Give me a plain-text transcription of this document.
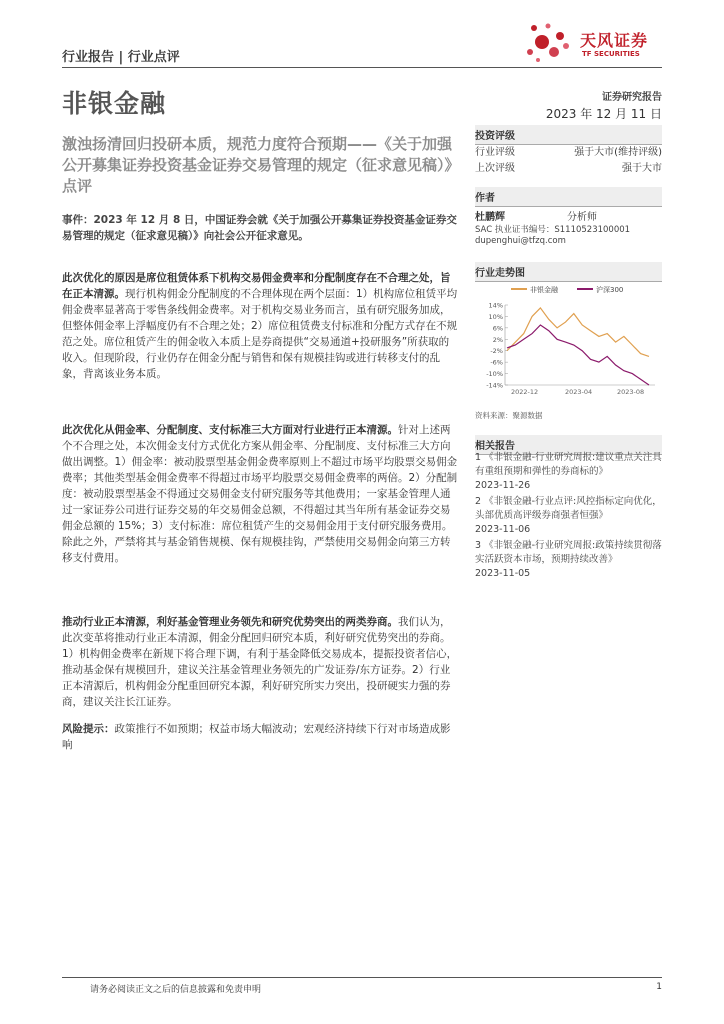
行业报告 | 行业点评
天风证券
TF SECURITIES
非银金融	证券研究报告
2023 年 12 月 11 日
激浊扬清回归投研本质，规范力度符合预期——《关于加强公开募集证券投资基金证券交易管理的规定（征求意见稿）》点评
投资评级
行业评级	强于大市(维持评级)
上次评级	强于大市
作者
杜鹏辉	分析师
SAC 执业证书编号：S1110523100001
dupenghui@tfzq.com
行业走势图
非银金融	沪深300
14%
10%
6%
2%
-2%
-6%
-10%
-14%
2022-12	2023-04	2023-08
资料来源：聚源数据
相关报告
1 《非银金融-行业研究周报:建议重点关注具有重组预期和弹性的券商标的》
2023-11-26
2 《非银金融-行业点评:风控指标定向优化，头部优质高评级券商强者恒强》
2023-11-06
3 《非银金融-行业研究周报:政策持续贯彻落实活跃资本市场，预期持续改善》
2023-11-05
事件：2023 年 12 月 8 日，中国证券会就《关于加强公开募集证券投资基金证券交易管理的规定（征求意见稿）》向社会公开征求意见。
此次优化的原因是席位租赁体系下机构交易佣金费率和分配制度存在不合理之处，旨在正本清源。现行机构佣金分配制度的不合理体现在两个层面：1）机构席位租赁平均佣金费率显著高于零售条线佣金费率。对于机构交易业务而言，虽有研究服务加成，但整体佣金率上浮幅度仍有不合理之处；2）席位租赁费支付标准和分配方式存在不规范之处。席位租赁产生的佣金收入本质上是券商提供“交易通道+投研服务”所获取的收入。但现阶段，行业仍存在佣金分配与销售和保有规模挂钩或进行转移支付的乱象，背离该业务本质。
此次优化从佣金率、分配制度、支付标准三大方面对行业进行正本清源。针对上述两个不合理之处，本次佣金支付方式优化方案从佣金率、分配制度、支付标准三大方向做出调整。1）佣金率：被动股票型基金佣金费率原则上不超过市场平均股票交易佣金费率；其他类型基金佣金费率不得超过市场平均股票交易佣金费率的两倍。2）分配制度：被动股票型基金不得通过交易佣金支付研究服务等其他费用；一家基金管理人通过一家证券公司进行证券交易的年交易佣金总额，不得超过其当年所有基金证券交易佣金总额的 15%；3）支付标准：席位租赁产生的交易佣金用于支付研究服务费用。除此之外，严禁将其与基金销售规模、保有规模挂钩，严禁使用交易佣金向第三方转移支付费用。
推动行业正本清源，利好基金管理业务领先和研究优势突出的两类券商。我们认为，此次变革将推动行业正本清源，佣金分配回归研究本质，利好研究优势突出的券商。1）机构佣金费率在新规下将合理下调，有利于基金降低交易成本，提振投资者信心，推动基金保有规模回升，建议关注基金管理业务领先的广发证券/东方证券。2）行业正本清源后，机构佣金分配重回研究本源，利好研究所实力突出，投研硬实力强的券商，建议关注长江证券。
风险提示：政策推行不如预期；权益市场大幅波动；宏观经济持续下行对市场造成影响
请务必阅读正文之后的信息披露和免责申明	1
